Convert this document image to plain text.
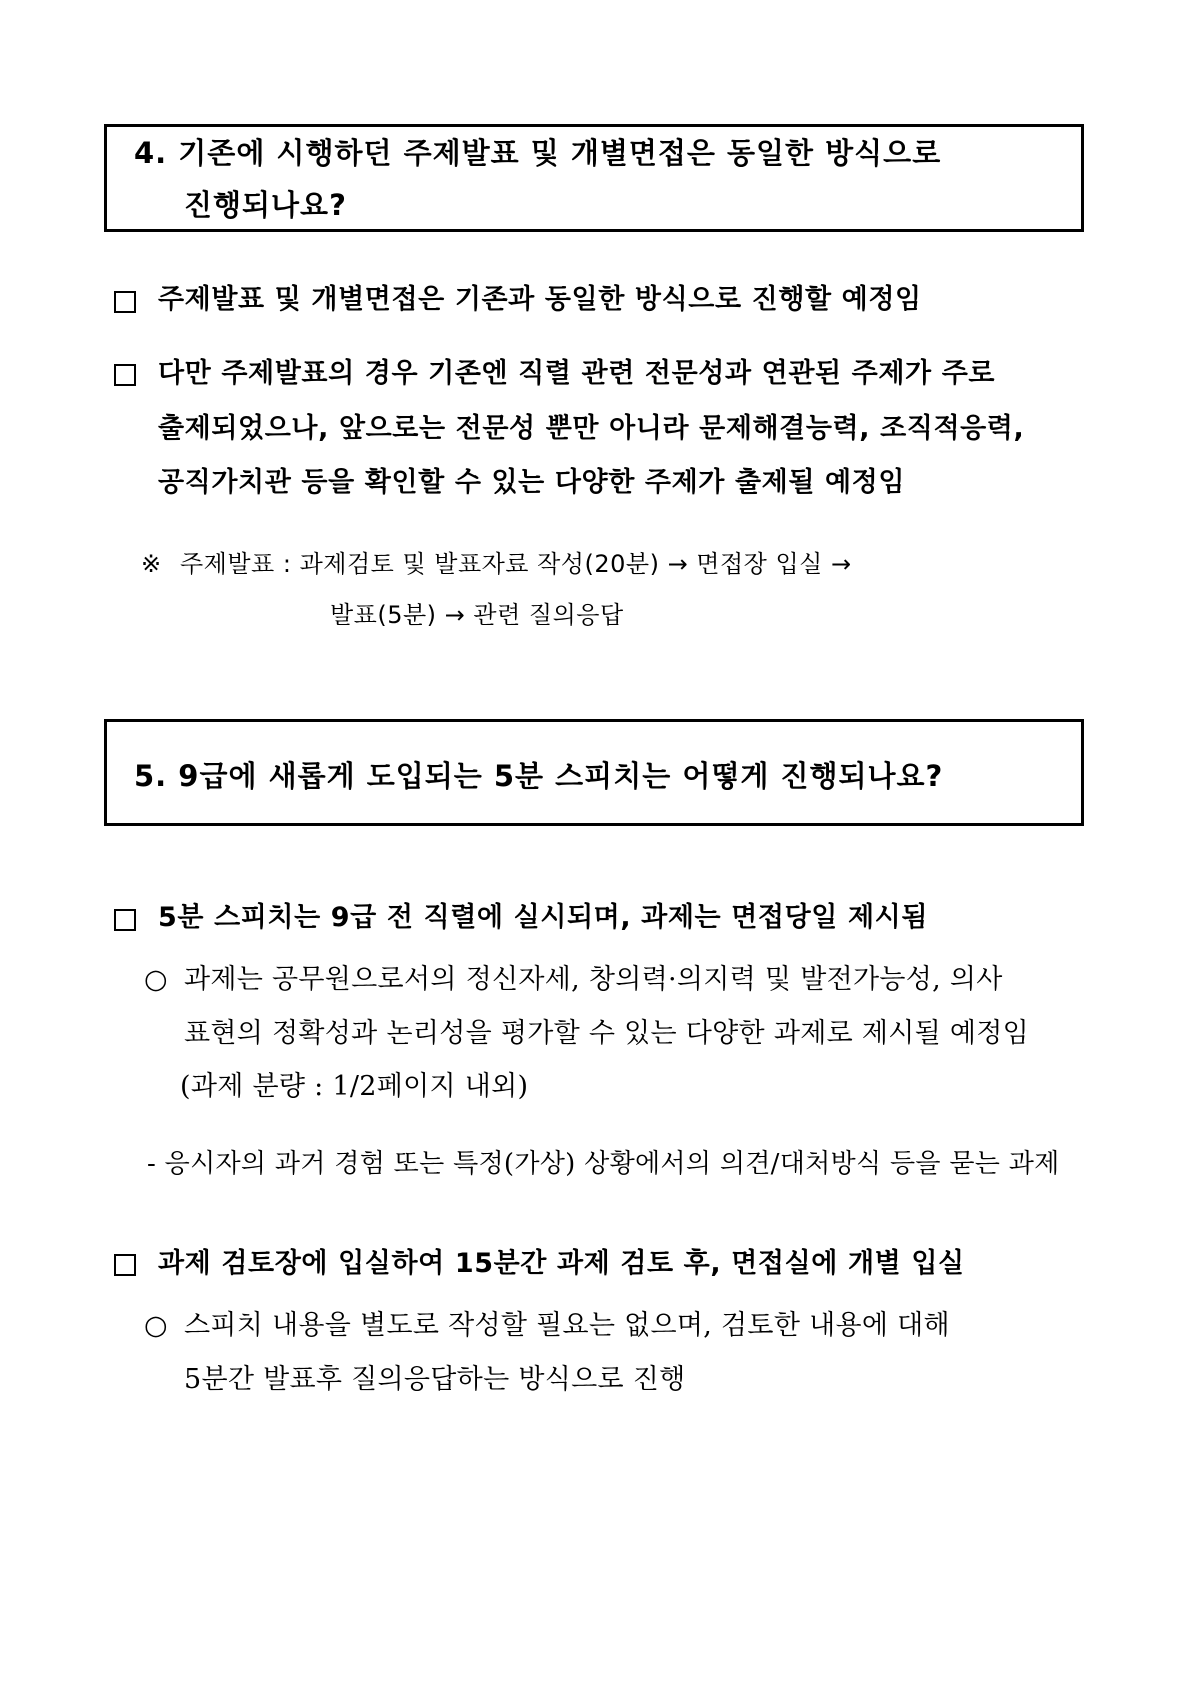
4. 기존에 시행하던 주제발표 및 개별면접은 동일한 방식으로
진행되나요?
주제발표 및 개별면접은 기존과 동일한 방식으로 진행할 예정임
다만 주제발표의 경우 기존엔 직렬 관련 전문성과 연관된 주제가 주로
출제되었으나, 앞으로는 전문성 뿐만 아니라 문제해결능력, 조직적응력,
공직가치관 등을 확인할 수 있는 다양한 주제가 출제될 예정임
※ 주제발표 : 과제검토 및 발표자료 작성(20분) → 면접장 입실 →
발표(5분) → 관련 질의응답
5. 9급에 새롭게 도입되는 5분 스피치는 어떻게 진행되나요?
5분 스피치는 9급 전 직렬에 실시되며, 과제는 면접당일 제시됨
○ 과제는 공무원으로서의 정신자세, 창의력·의지력 및 발전가능성, 의사
표현의 정확성과 논리성을 평가할 수 있는 다양한 과제로 제시될 예정임
(과제 분량 : 1/2페이지 내외)
- 응시자의 과거 경험 또는 특정(가상) 상황에서의 의견/대처방식 등을 묻는 과제
과제 검토장에 입실하여 15분간 과제 검토 후, 면접실에 개별 입실
○ 스피치 내용을 별도로 작성할 필요는 없으며, 검토한 내용에 대해
5분간 발표후 질의응답하는 방식으로 진행
